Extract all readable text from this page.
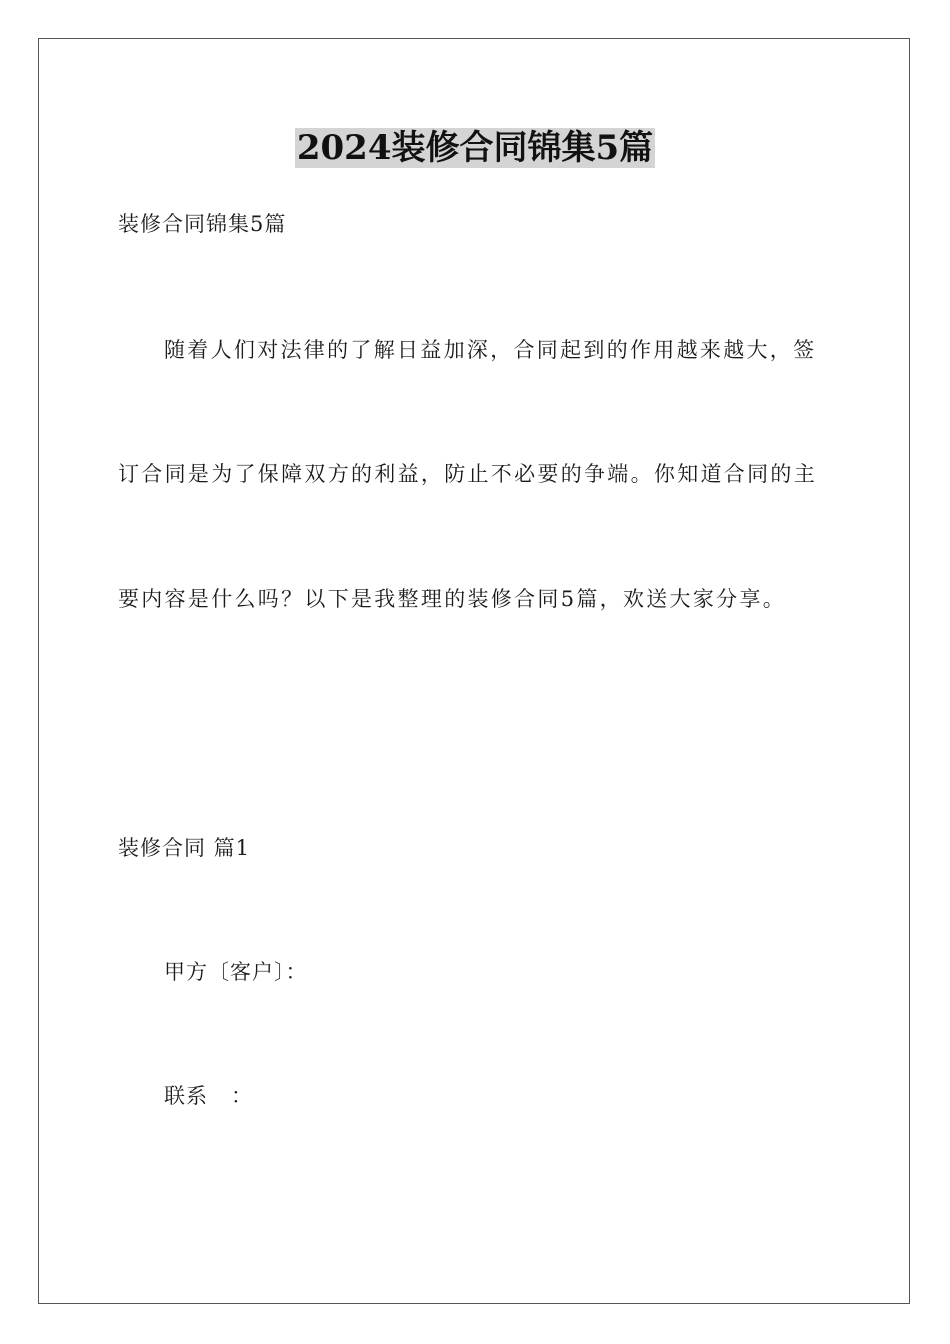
2024装修合同锦集5篇
装修合同锦集5篇
随着人们对法律的了解日益加深，合同起到的作用越来越大，签
订合同是为了保障双方的利益，防止不必要的争端。你知道合同的主
要内容是什么吗？以下是我整理的装修合同5篇，欢送大家分享。
装修合同 篇1
甲方〔客户〕：
联系   ：
